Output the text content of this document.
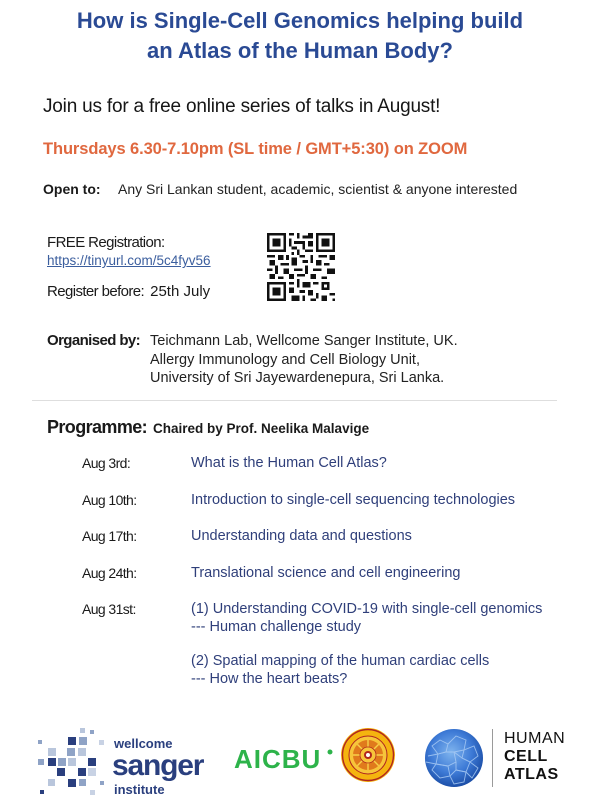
How is Single-Cell Genomics helping build
an Atlas of the Human Body?
Join us for a free online series of talks in August!
Thursdays 6.30-7.10pm (SL time / GMT+5:30) on ZOOM
Open to:	Any Sri Lankan student, academic, scientist & anyone interested
FREE Registration:
https://tinyurl.com/5c4fyv56
Register before: 25th July
Organised by: Teichmann Lab, Wellcome Sanger Institute, UK.
Allergy Immunology and Cell Biology Unit,
University of Sri Jayewardenepura, Sri Lanka.
Programme: Chaired by Prof. Neelika Malavige
Aug 3rd:	What is the Human Cell Atlas?
Aug 10th:	Introduction to single-cell sequencing technologies
Aug 17th:	Understanding data and questions
Aug 24th:	Translational science and cell engineering
Aug 31st:	(1) Understanding COVID-19 with single-cell genomics
--- Human challenge study
(2) Spatial mapping of the human cardiac cells
--- How the heart beats?
wellcome
sanger
institute
AICBU
HUMAN
CELL
ATLAS
